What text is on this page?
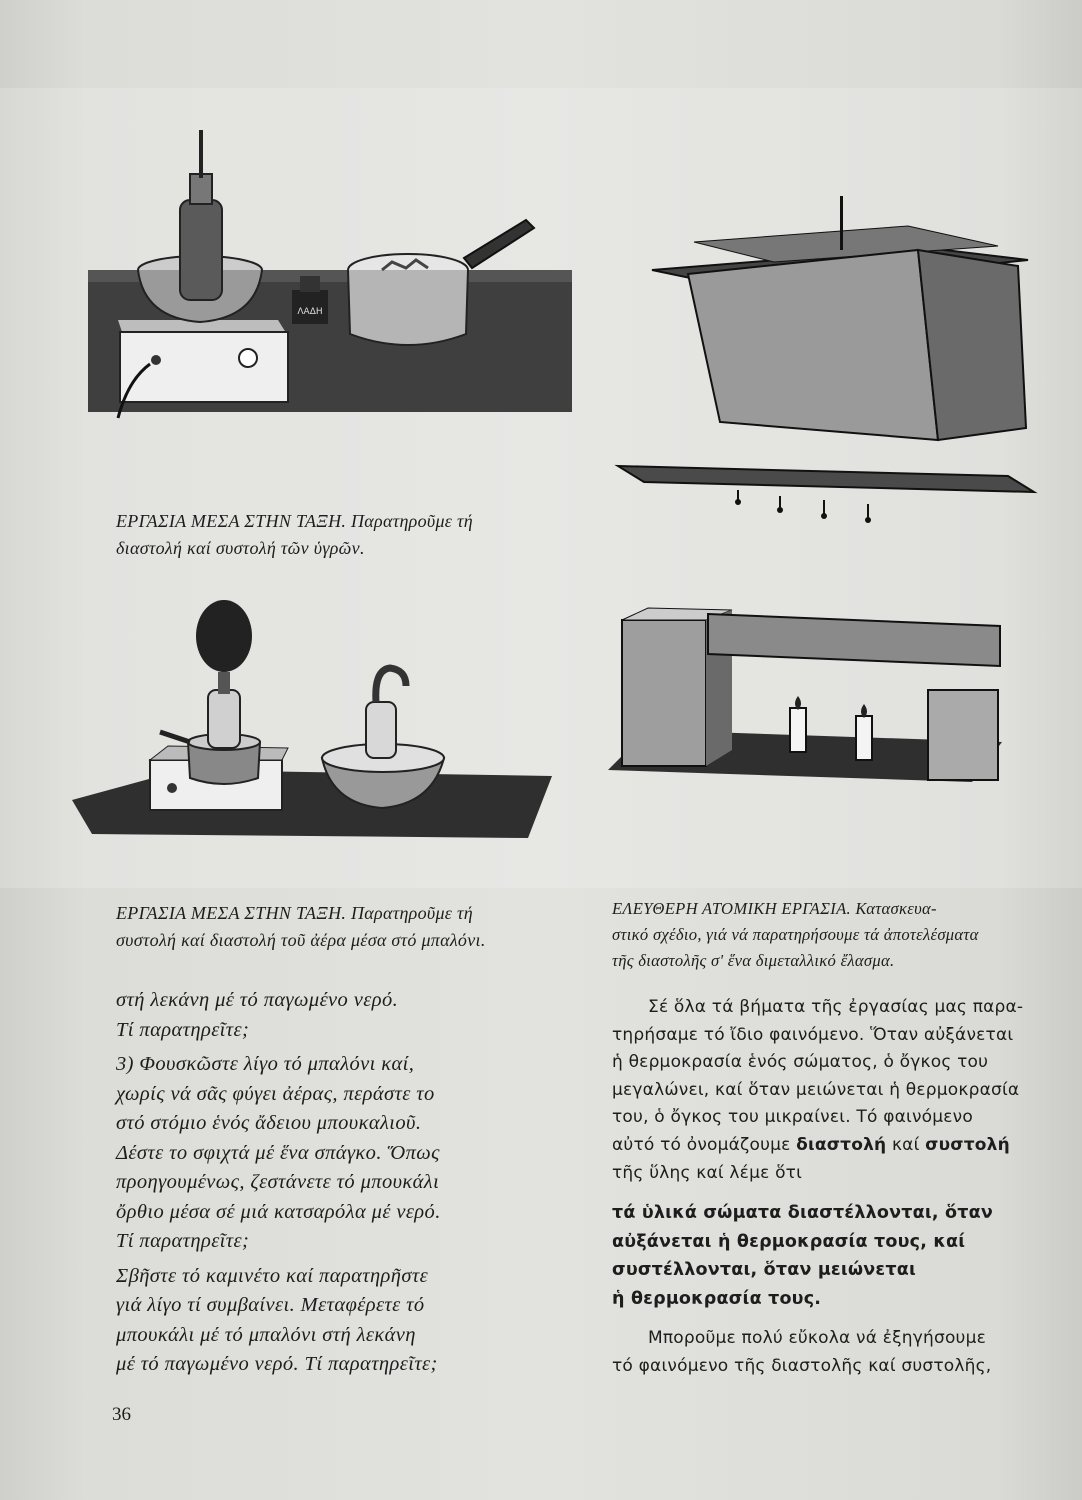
ΛΑΔΗ
ΕΡΓΑΣΙΑ ΜΕΣΑ ΣΤΗΝ ΤΑΞΗ. Παρατηροῦμε τή
διαστολή καί συστολή τῶν ὑγρῶν.
ΕΡΓΑΣΙΑ ΜΕΣΑ ΣΤΗΝ ΤΑΞΗ. Παρατηροῦμε τή
συστολή καί διαστολή τοῦ ἀέρα μέσα στό μπαλόνι.
ΕΛΕΥΘΕΡΗ ΑΤΟΜΙΚΗ ΕΡΓΑΣΙΑ. Κατασκευα-
στικό σχέδιο, γιά νά παρατηρήσουμε τά ἀποτελέσματα
τῆς διαστολῆς σ' ἕνα διμεταλλικό ἔλασμα.
στή λεκάνη μέ τό παγωμένο νερό.

Τί παρατηρεῖτε;

3) Φουσκῶστε λίγο τό μπαλόνι καί,
χωρίς νά σᾶς φύγει ἀέρας, περάστε το
στό στόμιο ἑνός ἄδειου μπουκαλιοῦ.
Δέστε το σφιχτά μέ ἕνα σπάγκο. Ὅπως
προηγουμένως, ζεστάνετε τό μπουκάλι
ὄρθιο μέσα σέ μιά κατσαρόλα μέ νερό.

Τί παρατηρεῖτε;

Σβῆστε τό καμινέτο καί παρατηρῆστε
γιά λίγο τί συμβαίνει. Μεταφέρετε τό
μπουκάλι μέ τό μπαλόνι στή λεκάνη
μέ τό παγωμένο νερό. Τί παρατηρεῖτε;

Σέ ὅλα τά βήματα τῆς ἐργασίας μας παρα-
τηρήσαμε τό ἴδιο φαινόμενο. Ὅταν αὐξάνεται
ἡ θερμοκρασία ἑνός σώματος, ὁ ὄγκος του
μεγαλώνει, καί ὅταν μειώνεται ἡ θερμοκρασία
του, ὁ ὄγκος του μικραίνει. Τό φαινόμενο
αὐτό τό ὀνομάζουμε διαστολή καί συστολή
τῆς ὕλης καί λέμε ὅτι

τά ὑλικά σώματα διαστέλλονται, ὅταν
αὐξάνεται ἡ θερμοκρασία τους, καί
συστέλλονται, ὅταν μειώνεται
ἡ θερμοκρασία τους.

Μποροῦμε πολύ εὔκολα νά ἐξηγήσουμε
τό φαινόμενο τῆς διαστολῆς καί συστολῆς,

36
